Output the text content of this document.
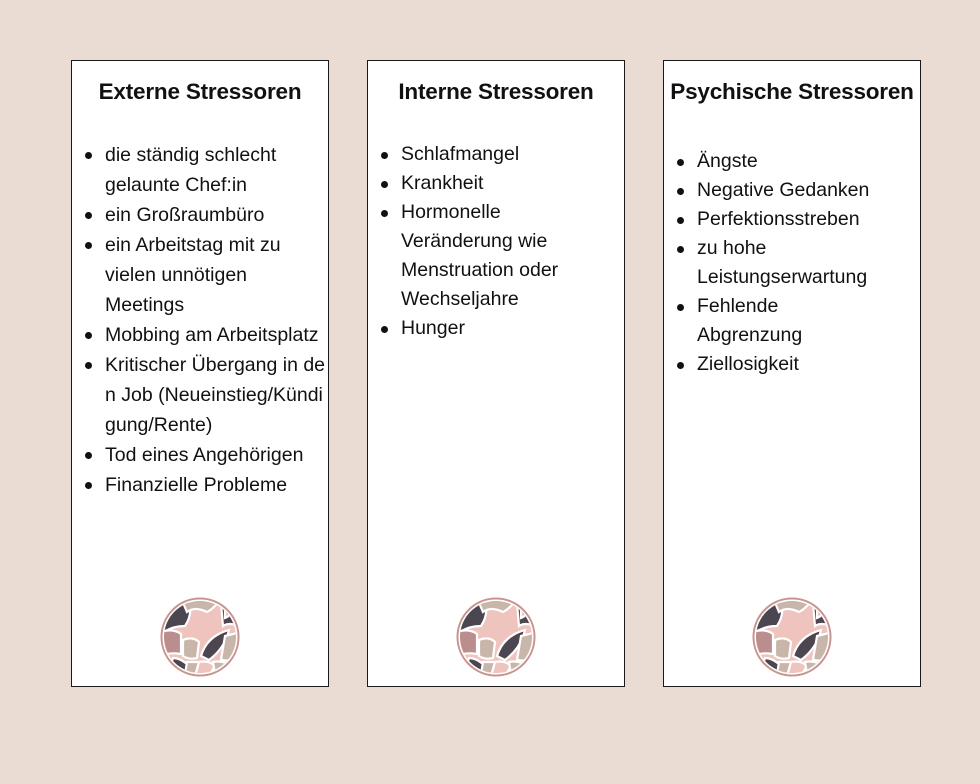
Externe Stressoren
die ständig schlecht gelaunte Chef:in
ein Großraumbüro
ein Arbeitstag mit zu vielen unnötigen Meetings
Mobbing am Arbeitsplatz
Kritischer Übergang in den Job (Neueinstieg/Kündigung/Rente)
Tod eines Angehörigen
Finanzielle Probleme
Interne Stressoren
Schlafmangel
Krankheit
Hormonelle Veränderung wie Menstruation oder Wechseljahre
Hunger
Psychische Stressoren
Ängste
Negative Gedanken
Perfektionsstreben
zu hohe Leistungserwartung
Fehlende Abgrenzung
Ziellosigkeit
